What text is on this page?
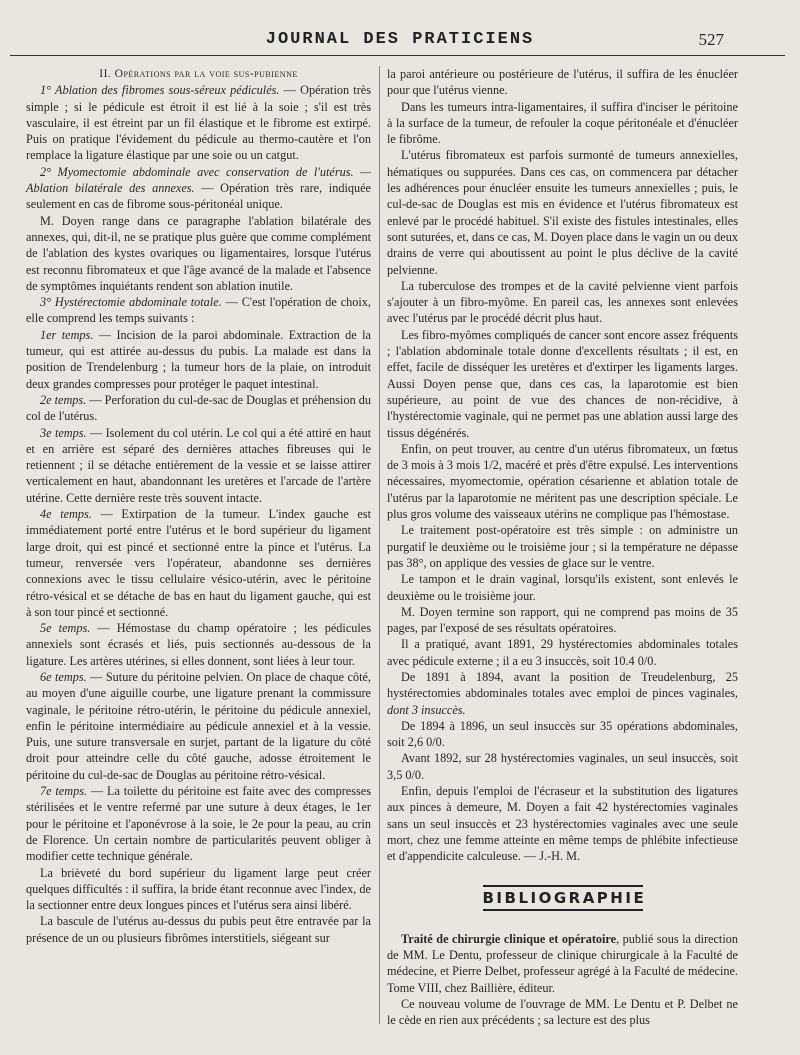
JOURNAL DES PRATICIENS	527

II. Opérations par la voie sus-pubienne

1° Ablation des fibromes sous-séreux pédiculés. — Opération très simple ; si le pédicule est étroit il est lié à la soie ; s'il est très vasculaire, il est étreint par un fil élastique et le fibrome est extirpé. Puis on pratique l'évidement du pédicule au thermo-cautère et l'on remplace la ligature élastique par une soie ou un catgut.

2° Myomectomie abdominale avec conservation de l'utérus. — Ablation bilatérale des annexes. — Opération très rare, indiquée seulement en cas de fibrome sous-péritonéal unique.

M. Doyen range dans ce paragraphe l'ablation bilatérale des annexes, qui, dit-il, ne se pratique plus guère que comme complément de l'ablation des kystes ovariques ou ligamentaires, lorsque l'utérus est reconnu fibromateux et que l'âge avancé de la malade et l'absence de symptômes inquiétants rendent son ablation inutile.

3° Hystérectomie abdominale totale. — C'est l'opération de choix, elle comprend les temps suivants :

1er temps. — Incision de la paroi abdominale. Extraction de la tumeur, qui est attirée au-dessus du pubis. La malade est dans la position de Trendelenburg ; la tumeur hors de la plaie, on introduit deux grandes compresses pour protéger le paquet intestinal.

2e temps. — Perforation du cul-de-sac de Douglas et préhension du col de l'utérus.

3e temps. — Isolement du col utérin. Le col qui a été attiré en haut et en arrière est séparé des dernières attaches fibreuses qui le retiennent ; il se détache entièrement de la vessie et se laisse attirer verticalement en haut, abandonnant les uretères et l'arcade de l'artère utérine. Cette dernière reste très souvent intacte.

4e temps. — Extirpation de la tumeur. L'index gauche est immédiatement porté entre l'utérus et le bord supérieur du ligament large droit, qui est pincé et sectionné entre la pince et l'utérus. La tumeur, renversée vers l'opérateur, abandonne ses dernières connexions avec le tissu cellulaire vésico-utérin, avec le péritoine rétro-vésical et se détache de bas en haut du ligament gauche, qui est à son tour pincé et sectionné.

5e temps. — Hémostase du champ opératoire ; les pédicules annexiels sont écrasés et liés, puis sectionnés au-dessous de la ligature. Les artères utérines, si elles donnent, sont liées à leur tour.

6e temps. — Suture du péritoine pelvien. On place de chaque côté, au moyen d'une aiguille courbe, une ligature prenant la commissure vaginale, le péritoine rétro-utérin, le péritoine du pédicule annexiel, enfin le péritoine intermédiaire au pédicule annexiel et à la vessie. Puis, une suture transversale en surjet, partant de la ligature du côté droit pour atteindre celle du côté gauche, adosse étroitement le péritoine du cul-de-sac de Douglas au péritoine rétro-vésical.

7e temps. — La toilette du péritoine est faite avec des compresses stérilisées et le ventre refermé par une suture à deux étages, le 1er pour le péritoine et l'aponévrose à la soie, le 2e pour la peau, au crin de Florence. Un certain nombre de particularités peuvent obliger à modifier cette technique générale.

La brièveté du bord supérieur du ligament large peut créer quelques difficultés : il suffira, la bride étant reconnue avec l'index, de la sectionner entre deux longues pinces et l'utérus sera ainsi libéré.

La bascule de l'utérus au-dessus du pubis peut être entravée par la présence de un ou plusieurs fibrômes interstitiels, siégeant sur

la paroi antérieure ou postérieure de l'utérus, il suffira de les énucléer pour que l'utérus vienne.

Dans les tumeurs intra-ligamentaires, il suffira d'inciser le péritoine à la surface de la tumeur, de refouler la coque péritonéale et d'énucléer le fibrôme.

L'utérus fibromateux est parfois surmonté de tumeurs annexielles, hématiques ou suppurées. Dans ces cas, on commencera par détacher les adhérences pour énucléer ensuite les tumeurs annexielles ; puis, le cul-de-sac de Douglas est mis en évidence et l'utérus fibromateux est enlevé par le procédé habituel. S'il existe des fistules intestinales, elles sont suturées, et, dans ce cas, M. Doyen place dans le vagin un ou deux drains de verre qui aboutissent au point le plus déclive de la cavité pelvienne.

La tuberculose des trompes et de la cavité pelvienne vient parfois s'ajouter à un fibro-myôme. En pareil cas, les annexes sont enlevées avec l'utérus par le procédé décrit plus haut.

Les fibro-myômes compliqués de cancer sont encore assez fréquents ; l'ablation abdominale totale donne d'excellents résultats ; il est, en effet, facile de disséquer les uretères et d'extirper les ligaments larges. Aussi Doyen pense que, dans ces cas, la laparotomie est bien supérieure, au point de vue des chances de non-récidive, à l'hystérectomie vaginale, qui ne permet pas une ablation aussi large des tissus dégénérés.

Enfin, on peut trouver, au centre d'un utérus fibromateux, un fœtus de 3 mois à 3 mois 1/2, macéré et près d'être expulsé. Les interventions nécessaires, myomectomie, opération césarienne et ablation totale de l'utérus par la laparotomie ne méritent pas une description spéciale. Le plus gros volume des vaisseaux utérins ne complique pas l'hémostase.

Le traitement post-opératoire est très simple : on administre un purgatif le deuxième ou le troisième jour ; si la température ne dépasse pas 38°, on applique des vessies de glace sur le ventre.

Le tampon et le drain vaginal, lorsqu'ils existent, sont enlevés le deuxième ou le troisième jour.

M. Doyen termine son rapport, qui ne comprend pas moins de 35 pages, par l'exposé de ses résultats opératoires.

Il a pratiqué, avant 1891, 29 hystérectomies abdominales totales avec pédicule externe ; il a eu 3 insuccès, soit 10.4 0/0.

De 1891 à 1894, avant la position de Treudelenburg, 25 hystérectomies abdominales totales avec emploi de pinces vaginales, dont 3 insuccès.

De 1894 à 1896, un seul insuccès sur 35 opérations abdominales, soit 2,6 0/0.

Avant 1892, sur 28 hystérectomies vaginales, un seul insuccès, soit 3,5 0/0.

Enfin, depuis l'emploi de l'écraseur et la substitution des ligatures aux pinces à demeure, M. Doyen a fait 42 hystérectomies vaginales sans un seul insuccès et 23 hystérectomies vaginales avec une seule mort, chez une femme atteinte en même temps de phlébite infectieuse et d'appendicite calculeuse. — J.-H. M.

BIBLIOGRAPHIE

Traité de chirurgie clinique et opératoire, publié sous la direction de MM. Le Dentu, professeur de clinique chirurgicale à la Faculté de médecine, et Pierre Delbet, professeur agrégé à la Faculté de médecine. Tome VIII, chez Baillière, éditeur.

Ce nouveau volume de l'ouvrage de MM. Le Dentu et P. Delbet ne le cède en rien aux précédents ; sa lecture est des plus
